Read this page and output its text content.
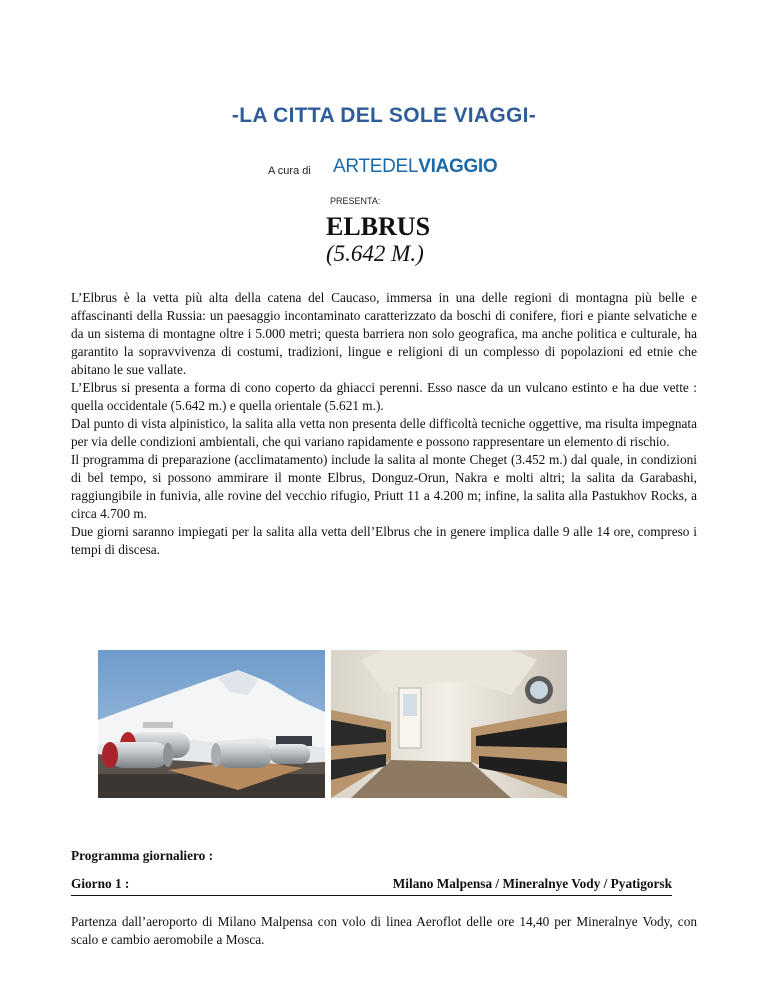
-LA CITTA DEL SOLE VIAGGI-
A cura di ARTEDELVIAGGIO
PRESENTA:
ELBRUS
(5.642 M.)

L’Elbrus è la vetta più alta della catena del Caucaso, immersa in una delle regioni di montagna più belle e affascinanti della Russia: un paesaggio incontaminato caratterizzato da boschi di conifere, fiori e piante selvatiche e da un sistema di montagne oltre i 5.000 metri; questa barriera non solo geografica, ma anche politica e culturale, ha garantito la sopravvivenza di costumi, tradizioni, lingue e religioni di un complesso di popolazioni ed etnie che abitano le sue vallate.

L’Elbrus si presenta a forma di cono coperto da ghiacci perenni. Esso nasce da un vulcano estinto e ha due vette : quella occidentale (5.642 m.) e quella orientale (5.621 m.).

Dal punto di vista alpinistico, la salita alla vetta non presenta delle difficoltà tecniche oggettive, ma risulta impegnata per via delle condizioni ambientali, che qui variano rapidamente e possono rappresentare un elemento di rischio.

Il programma di preparazione (acclimatamento) include la salita al monte Cheget (3.452 m.) dal quale, in condizioni di bel tempo, si possono ammirare il monte Elbrus, Donguz-Orun, Nakra e molti altri; la salita da Garabashi, raggiungibile in funivia, alle rovine del vecchio rifugio, Priutt 11 a 4.200 m; infine, la salita alla Pastukhov Rocks, a circa 4.700 m.

Due giorni saranno impiegati per la salita alla vetta dell’Elbrus che in genere implica dalle 9 alle 14 ore, compreso i tempi di discesa.

Programma giornaliero :
Giorno 1 :	Milano Malpensa / Mineralnye Vody / Pyatigorsk
Partenza dall’aeroporto di Milano Malpensa con volo di linea Aeroflot delle ore 14,40 per Mineralnye Vody, con scalo e cambio aeromobile a Mosca.
